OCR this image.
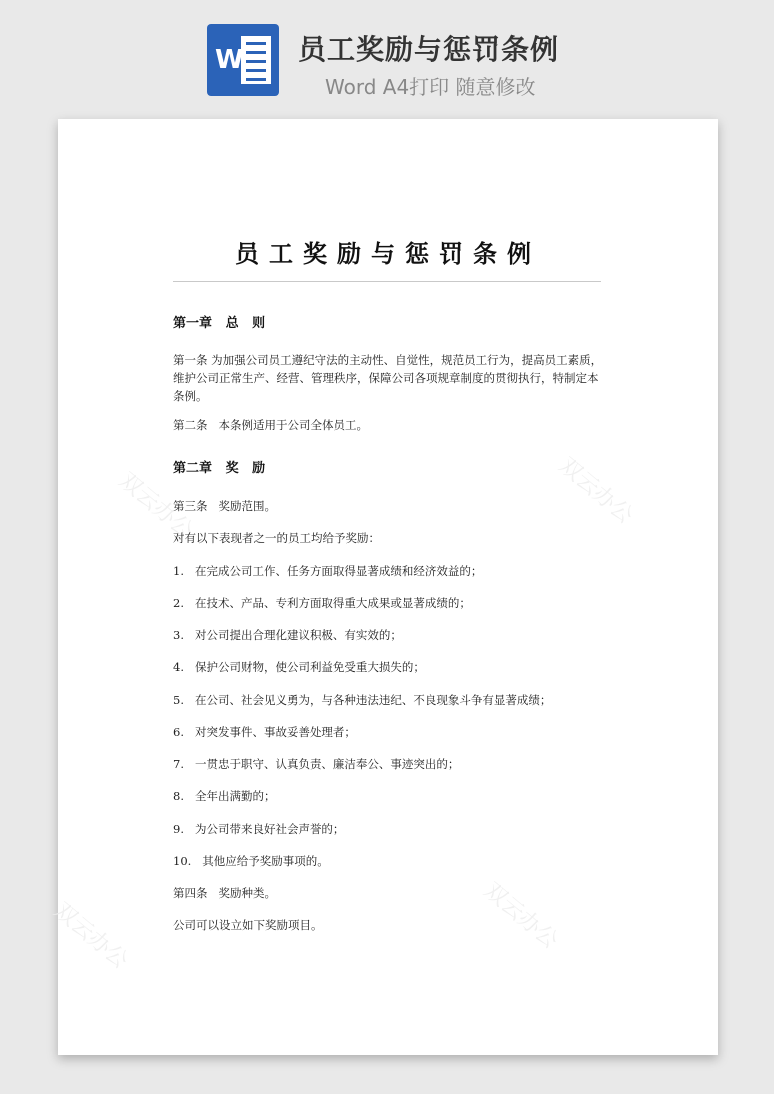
W 员工奖励与惩罚条例
Word A4打印 随意修改
双云办公	双云办公
双云办公
双云办公
员工奖励与惩罚条例
第一章   总   则
第一条 为加强公司员工遵纪守法的主动性、自觉性，规范员工行为，提高员工素质，维护公司正常生产、经营、管理秩序，保障公司各项规章制度的贯彻执行，特制定本条例。
第二条   本条例适用于公司全体员工。
第二章   奖   励
第三条   奖励范围。
对有以下表现者之一的员工均给予奖励：
1.   在完成公司工作、任务方面取得显著成绩和经济效益的；
2.   在技术、产品、专利方面取得重大成果或显著成绩的；
3.   对公司提出合理化建议积极、有实效的；
4.   保护公司财物，使公司利益免受重大损失的；
5.   在公司、社会见义勇为，与各种违法违纪、不良现象斗争有显著成绩；
6.   对突发事件、事故妥善处理者；
7.   一贯忠于职守、认真负责、廉洁奉公、事迹突出的；
8.   全年出满勤的；
9.   为公司带来良好社会声誉的；
10.   其他应给予奖励事项的。
第四条   奖励种类。
公司可以设立如下奖励项目。
